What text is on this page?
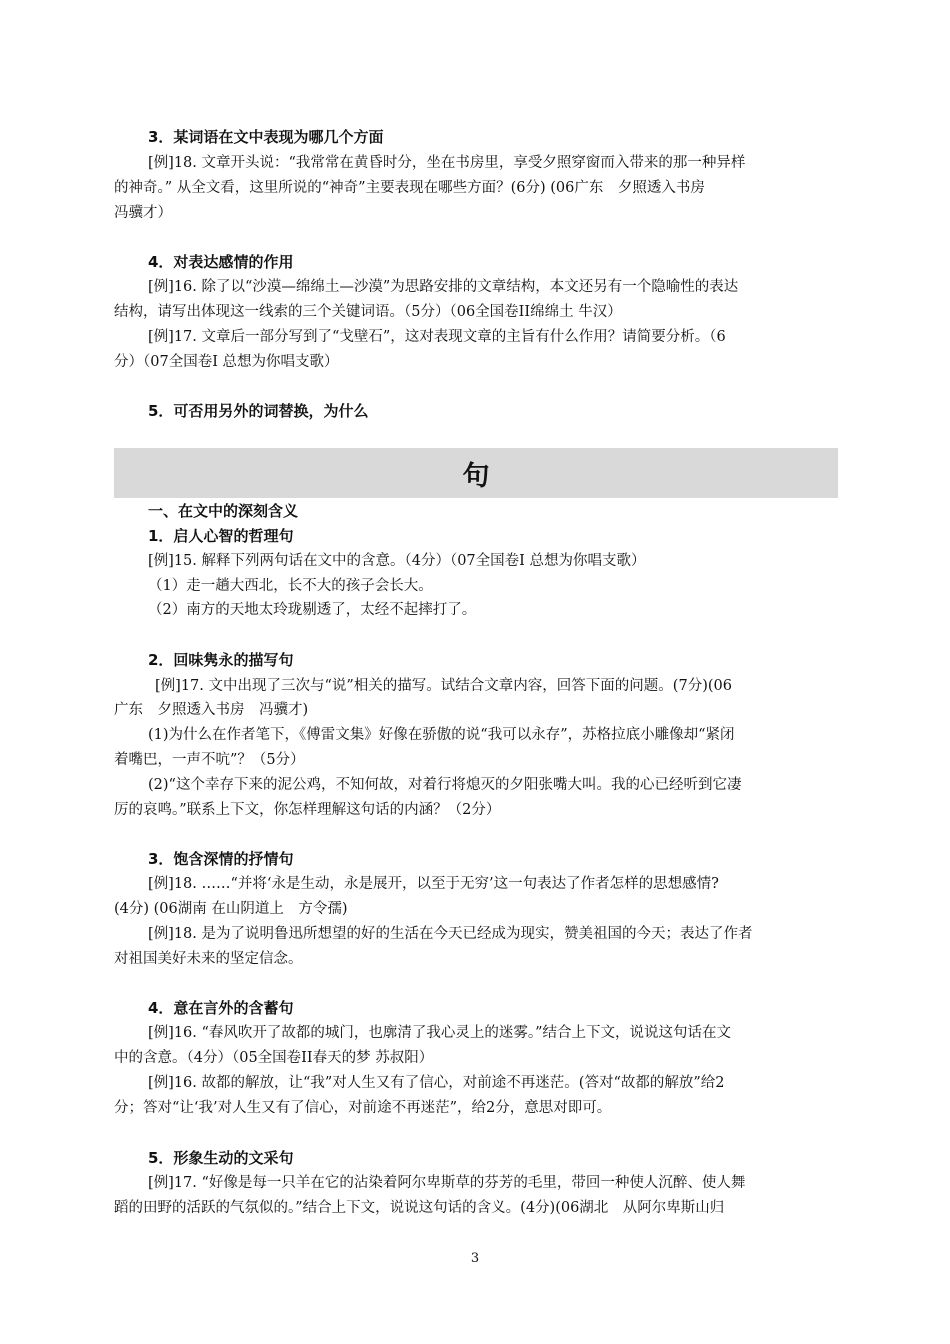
3．某词语在文中表现为哪几个方面
[例]18. 文章开头说：“我常常在黄昏时分，坐在书房里，享受夕照穿窗而入带来的那一种异样
的神奇。” 从全文看，这里所说的“神奇”主要表现在哪些方面？(6分) (06广东　夕照透入书房
冯骥才）
4．对表达感情的作用
[例]16. 除了以“沙漠—绵绵土—沙漠”为思路安排的文章结构，本文还另有一个隐喻性的表达
结构，请写出体现这一线索的三个关键词语。（5分）（06全国卷II绵绵土 牛汉）
[例]17. 文章后一部分写到了“戈壁石”，这对表现文章的主旨有什么作用？请简要分析。（6
分）（07全国卷I 总想为你唱支歌）
5．可否用另外的词替换，为什么
句
一、在文中的深刻含义
1．启人心智的哲理句
[例]15. 解释下列两句话在文中的含意。（4分）（07全国卷I 总想为你唱支歌）
（1）走一趟大西北，长不大的孩子会长大。
（2）南方的天地太玲珑剔透了，太经不起摔打了。
2．回味隽永的描写句
[例]17. 文中出现了三次与“说”相关的描写。试结合文章内容，回答下面的问题。(7分)(06
广东　夕照透入书房　冯骥才)
(1)为什么在作者笔下，《傅雷文集》好像在骄傲的说“我可以永存”，苏格拉底小雕像却“紧闭
着嘴巴，一声不吭”？（5分）
(2)“这个幸存下来的泥公鸡，不知何故，对着行将熄灭的夕阳张嘴大叫。我的心已经听到它凄
厉的哀鸣。”联系上下文，你怎样理解这句话的内涵？（2分）
3．饱含深情的抒情句
[例]18. ……“并将‘永是生动，永是展开，以至于无穷’这一句表达了作者怎样的思想感情?
(4分) (06湖南 在山阴道上　方令孺)
[例]18. 是为了说明鲁迅所想望的好的生活在今天已经成为现实，赞美祖国的今天；表达了作者
对祖国美好未来的坚定信念。
4．意在言外的含蓄句
[例]16. “春风吹开了故都的城门，也廓清了我心灵上的迷雾。”结合上下文，说说这句话在文
中的含意。（4分）（05全国卷II春天的梦 苏叔阳）
[例]16. 故都的解放，让“我”对人生又有了信心，对前途不再迷茫。(答对“故都的解放”给2
分；答对“让‘我’对人生又有了信心，对前途不再迷茫”，给2分，意思对即可。
5．形象生动的文采句
[例]17. “好像是每一只羊在它的沾染着阿尔卑斯草的芬芳的毛里，带回一种使人沉醉、使人舞
蹈的田野的活跃的气氛似的。”结合上下文，说说这句话的含义。(4分)(06湖北　从阿尔卑斯山归
3
